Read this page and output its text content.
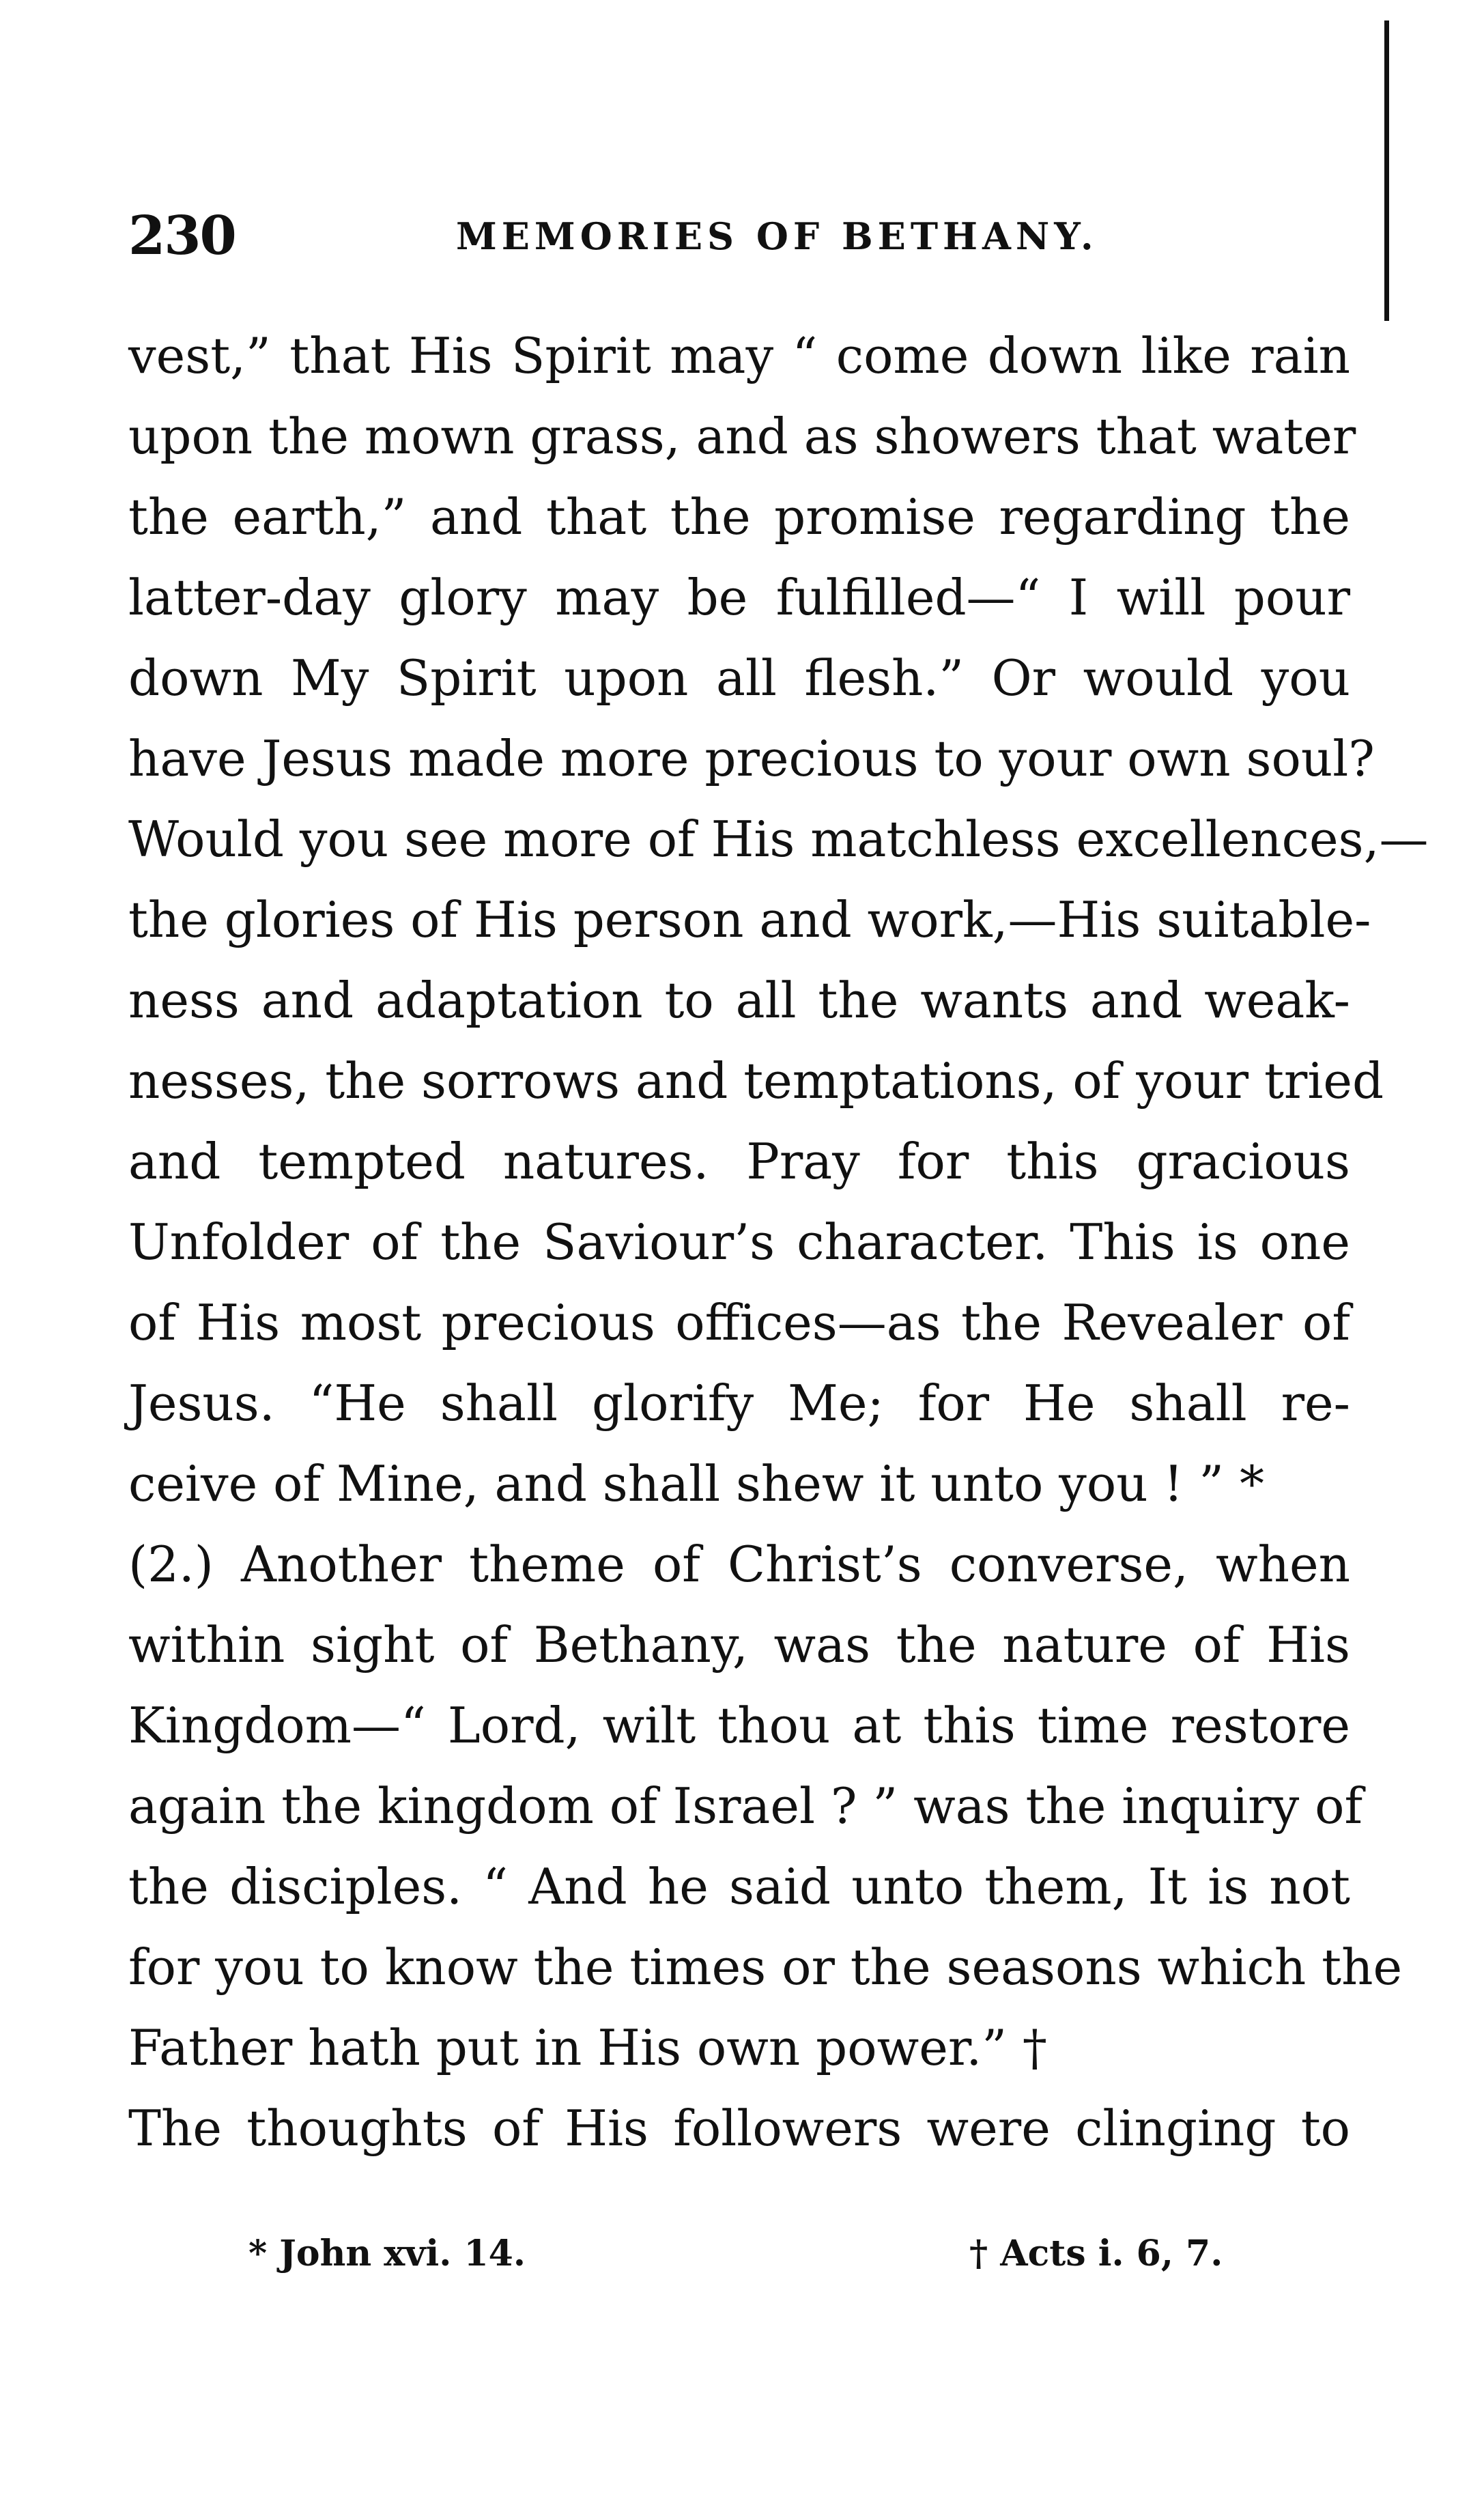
230	MEMORIES OF BETHANY.
vest,” that His Spirit may “ come down like rain
upon the mown grass, and as showers that water
the earth,” and that the promise regarding the
latter-day glory may be fulfilled—“ I will pour
down My Spirit upon all flesh.” Or would you
have Jesus made more precious to your own soul?
Would you see more of His matchless excellences,—
the glories of His person and work,—His suitable-
ness and adaptation to all the wants and weak-
nesses, the sorrows and temptations, of your tried
and tempted natures. Pray for this gracious
Unfolder of the Saviour’s character. This is one
of His most precious offices—as the Revealer of
Jesus. “He shall glorify Me; for He shall re-
ceive of Mine, and shall shew it unto you ! ” *
(2.) Another theme of Christ’s converse, when
within sight of Bethany, was the nature of His
Kingdom—“ Lord, wilt thou at this time restore
again the kingdom of Israel ? ” was the inquiry of
the disciples. “ And he said unto them, It is not
for you to know the times or the seasons which the
Father hath put in His own power.” †
The thoughts of His followers were clinging to
* John xvi. 14.	† Acts i. 6, 7.
